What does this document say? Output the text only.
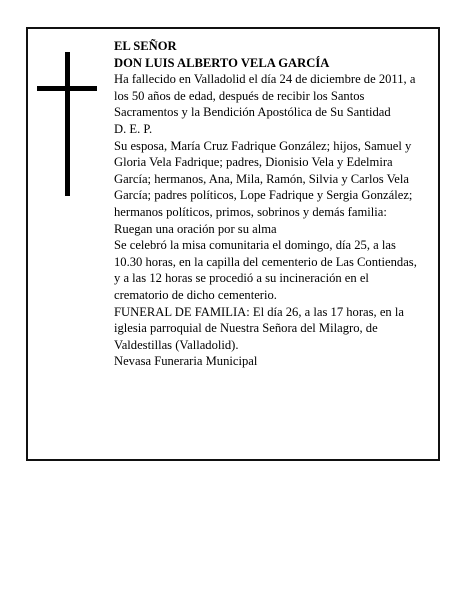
EL SEÑOR

DON LUIS ALBERTO VELA GARCÍA

Ha fallecido en Valladolid el día 24 de diciembre de 2011, a los 50 años de edad, después de recibir los Santos Sacramentos y la Bendición Apostólica de Su Santidad

D. E. P.

Su esposa, María Cruz Fadrique González; hijos, Samuel y Gloria Vela Fadrique; padres, Dionisio Vela y Edelmira García; hermanos, Ana, Mila, Ramón, Silvia y Carlos Vela García; padres políticos, Lope Fadrique y Sergia González; hermanos políticos, primos, sobrinos y demás familia:

Ruegan una oración por su alma

Se celebró la misa comunitaria el domingo, día 25, a las 10.30 horas, en la capilla del cementerio de Las Contiendas, y a las 12 horas se procedió a su incineración en el crematorio de dicho cementerio.

FUNERAL DE FAMILIA: El día 26, a las 17 horas, en la iglesia parroquial de Nuestra Señora del Milagro, de Valdestillas (Valladolid).

Nevasa Funeraria Municipal
